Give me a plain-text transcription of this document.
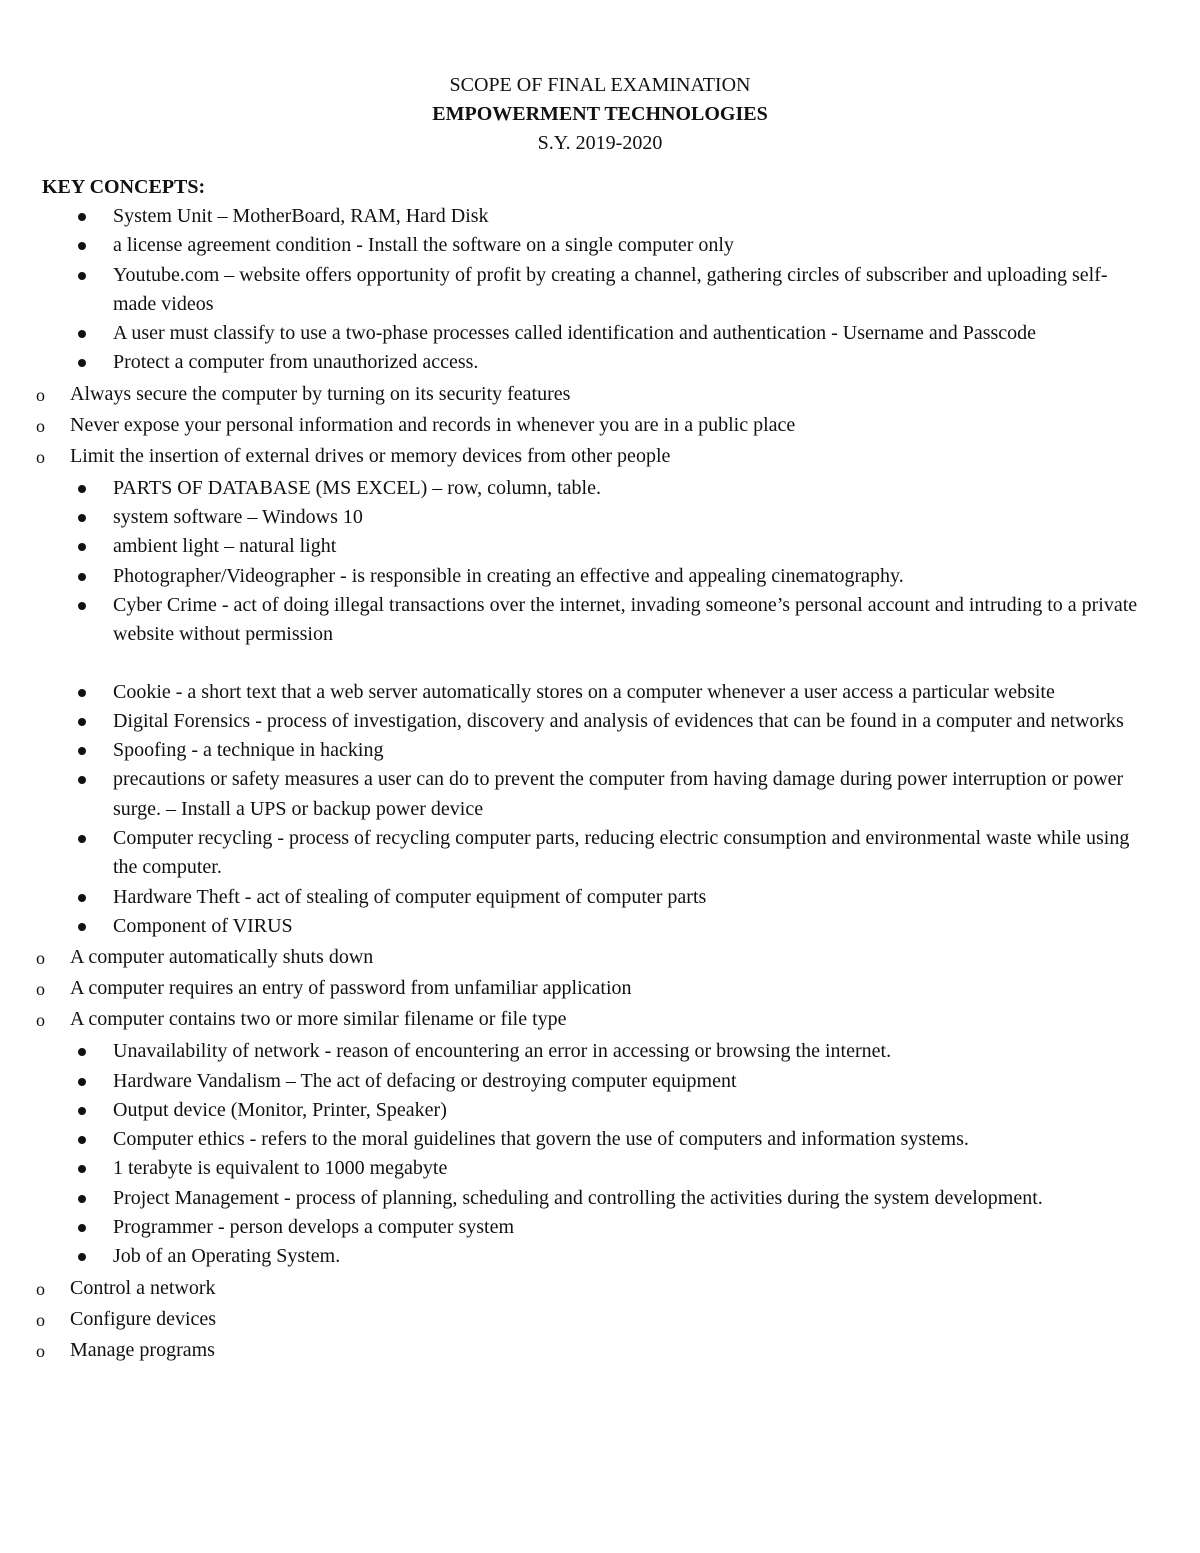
SCOPE OF FINAL EXAMINATION
EMPOWERMENT TECHNOLOGIES
S.Y. 2019-2020

KEY CONCEPTS:

System Unit – MotherBoard, RAM, Hard Disk
a license agreement condition - Install the software on a single computer only
Youtube.com – website offers opportunity of profit by creating a channel, gathering circles of subscriber and uploading self-made videos
A user must classify to use a two-phase processes called identification and authentication - Username and Passcode
Protect a computer from unauthorized access.
o Always secure the computer by turning on its security features
o Never expose your personal information and records in whenever you are in a public place
o Limit the insertion of external drives or memory devices from other people
PARTS OF DATABASE (MS EXCEL) – row, column, table.
system software – Windows 10
ambient light – natural light
Photographer/Videographer - is responsible in creating an effective and appealing cinematography.
Cyber Crime - act of doing illegal transactions over the internet, invading someone’s personal account and intruding to a private website without permission
Cookie - a short text that a web server automatically stores on a computer whenever a user access a particular website
Digital Forensics - process of investigation, discovery and analysis of evidences that can be found in a computer and networks
Spoofing - a technique in hacking
precautions or safety measures a user can do to prevent the computer from having damage during power interruption or power surge. – Install a UPS or backup power device
Computer recycling - process of recycling computer parts, reducing electric consumption and environmental waste while using the computer.
Hardware Theft - act of stealing of computer equipment of computer parts
Component of VIRUS
o A computer automatically shuts down
o A computer requires an entry of password from unfamiliar application
o A computer contains two or more similar filename or file type
Unavailability of network - reason of encountering an error in accessing or browsing the internet.
Hardware Vandalism – The act of defacing or destroying computer equipment
Output device (Monitor, Printer, Speaker)
Computer ethics - refers to the moral guidelines that govern the use of computers and information systems.
1 terabyte is equivalent to 1000 megabyte
Project Management - process of planning, scheduling and controlling the activities during the system development.
Programmer - person develops a computer system
Job of an Operating System.
o Control a network
o Configure devices
o Manage programs
